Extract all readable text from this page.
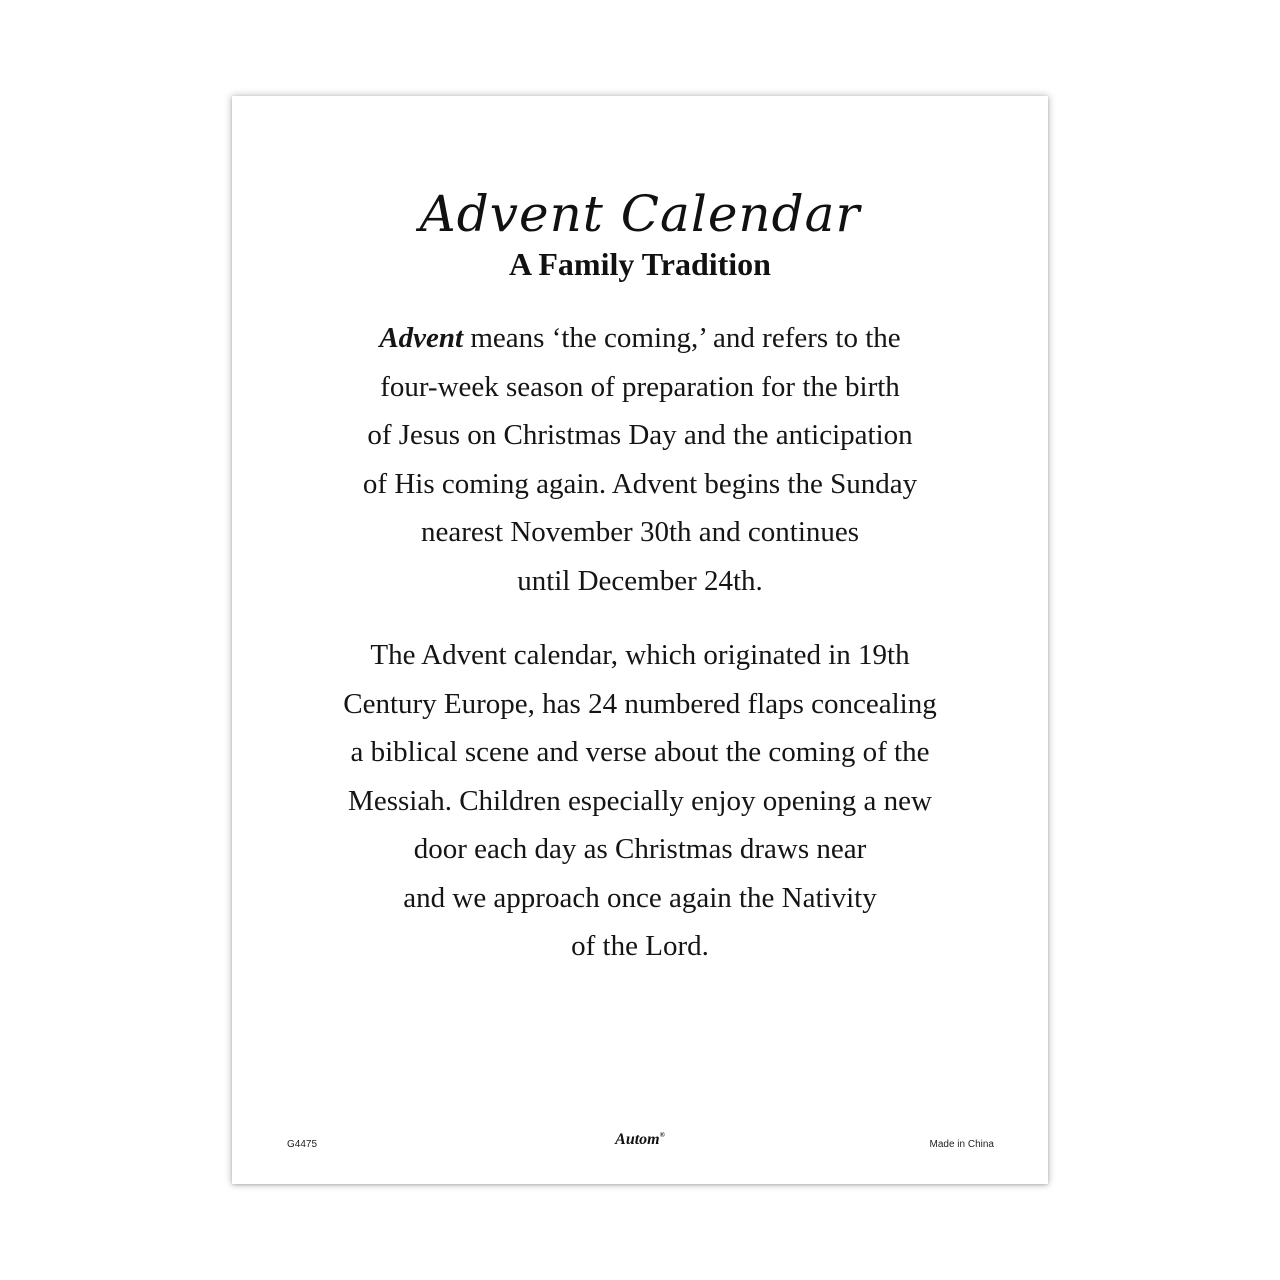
Advent Calendar
A Family Tradition

Advent means ‘the coming,’ and refers to the
four-week season of preparation for the birth
of Jesus on Christmas Day and the anticipation
of His coming again. Advent begins the Sunday
nearest November 30th and continues
until December 24th.

The Advent calendar, which originated in 19th
Century Europe, has 24 numbered flaps concealing
a biblical scene and verse about the coming of the
Messiah. Children especially enjoy opening a new
door each day as Christmas draws near
and we approach once again the Nativity
of the Lord.

G4475	Autom®
Made in China
